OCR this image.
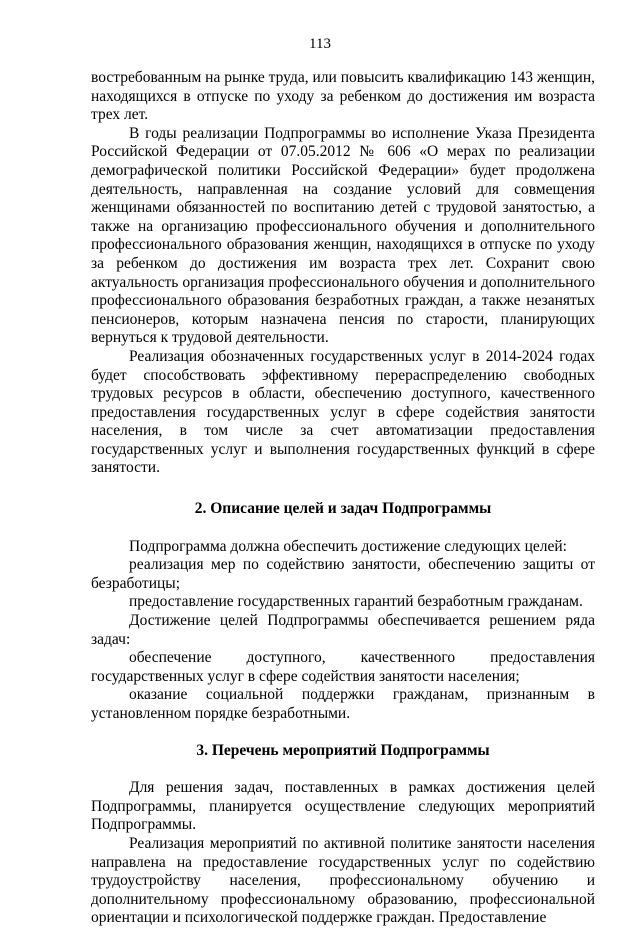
113

востребованным на рынке труда, или повысить квалификацию 143 женщин, находящихся в отпуске по уходу за ребенком до достижения им возраста трех лет.

В годы реализации Подпрограммы во исполнение Указа Президента Российской Федерации от 07.05.2012 № 606 «О мерах по реализации демографической политики Российской Федерации» будет продолжена деятельность, направленная на создание условий для совмещения женщинами обязанностей по воспитанию детей с трудовой занятостью, а также на организацию профессионального обучения и дополнительного профессионального образования женщин, находящихся в отпуске по уходу за ребенком до достижения им возраста трех лет. Сохранит свою актуальность организация профессионального обучения и дополнительного профессионального образования безработных граждан, а также незанятых пенсионеров, которым назначена пенсия по старости, планирующих вернуться к трудовой деятельности.

Реализация обозначенных государственных услуг в 2014-2024 годах будет способствовать эффективному перераспределению свободных трудовых ресурсов в области, обеспечению доступного, качественного предоставления государственных услуг в сфере содействия занятости населения, в том числе за счет автоматизации предоставления государственных услуг и выполнения государственных функций в сфере занятости.

2. Описание целей и задач Подпрограммы

Подпрограмма должна обеспечить достижение следующих целей:

реализация мер по содействию занятости, обеспечению защиты от безработицы;

предоставление государственных гарантий безработным гражданам.

Достижение целей Подпрограммы обеспечивается решением ряда задач:

обеспечение доступного, качественного предоставления государственных услуг в сфере содействия занятости населения;

оказание социальной поддержки гражданам, признанным в установленном порядке безработными.

3. Перечень мероприятий Подпрограммы

Для решения задач, поставленных в рамках достижения целей Подпрограммы, планируется осуществление следующих мероприятий Подпрограммы.

Реализация мероприятий по активной политике занятости населения направлена на предоставление государственных услуг по содействию трудоустройству населения, профессиональному обучению и дополнительному профессиональному образованию, профессиональной ориентации и психологической поддержке граждан. Предоставление
